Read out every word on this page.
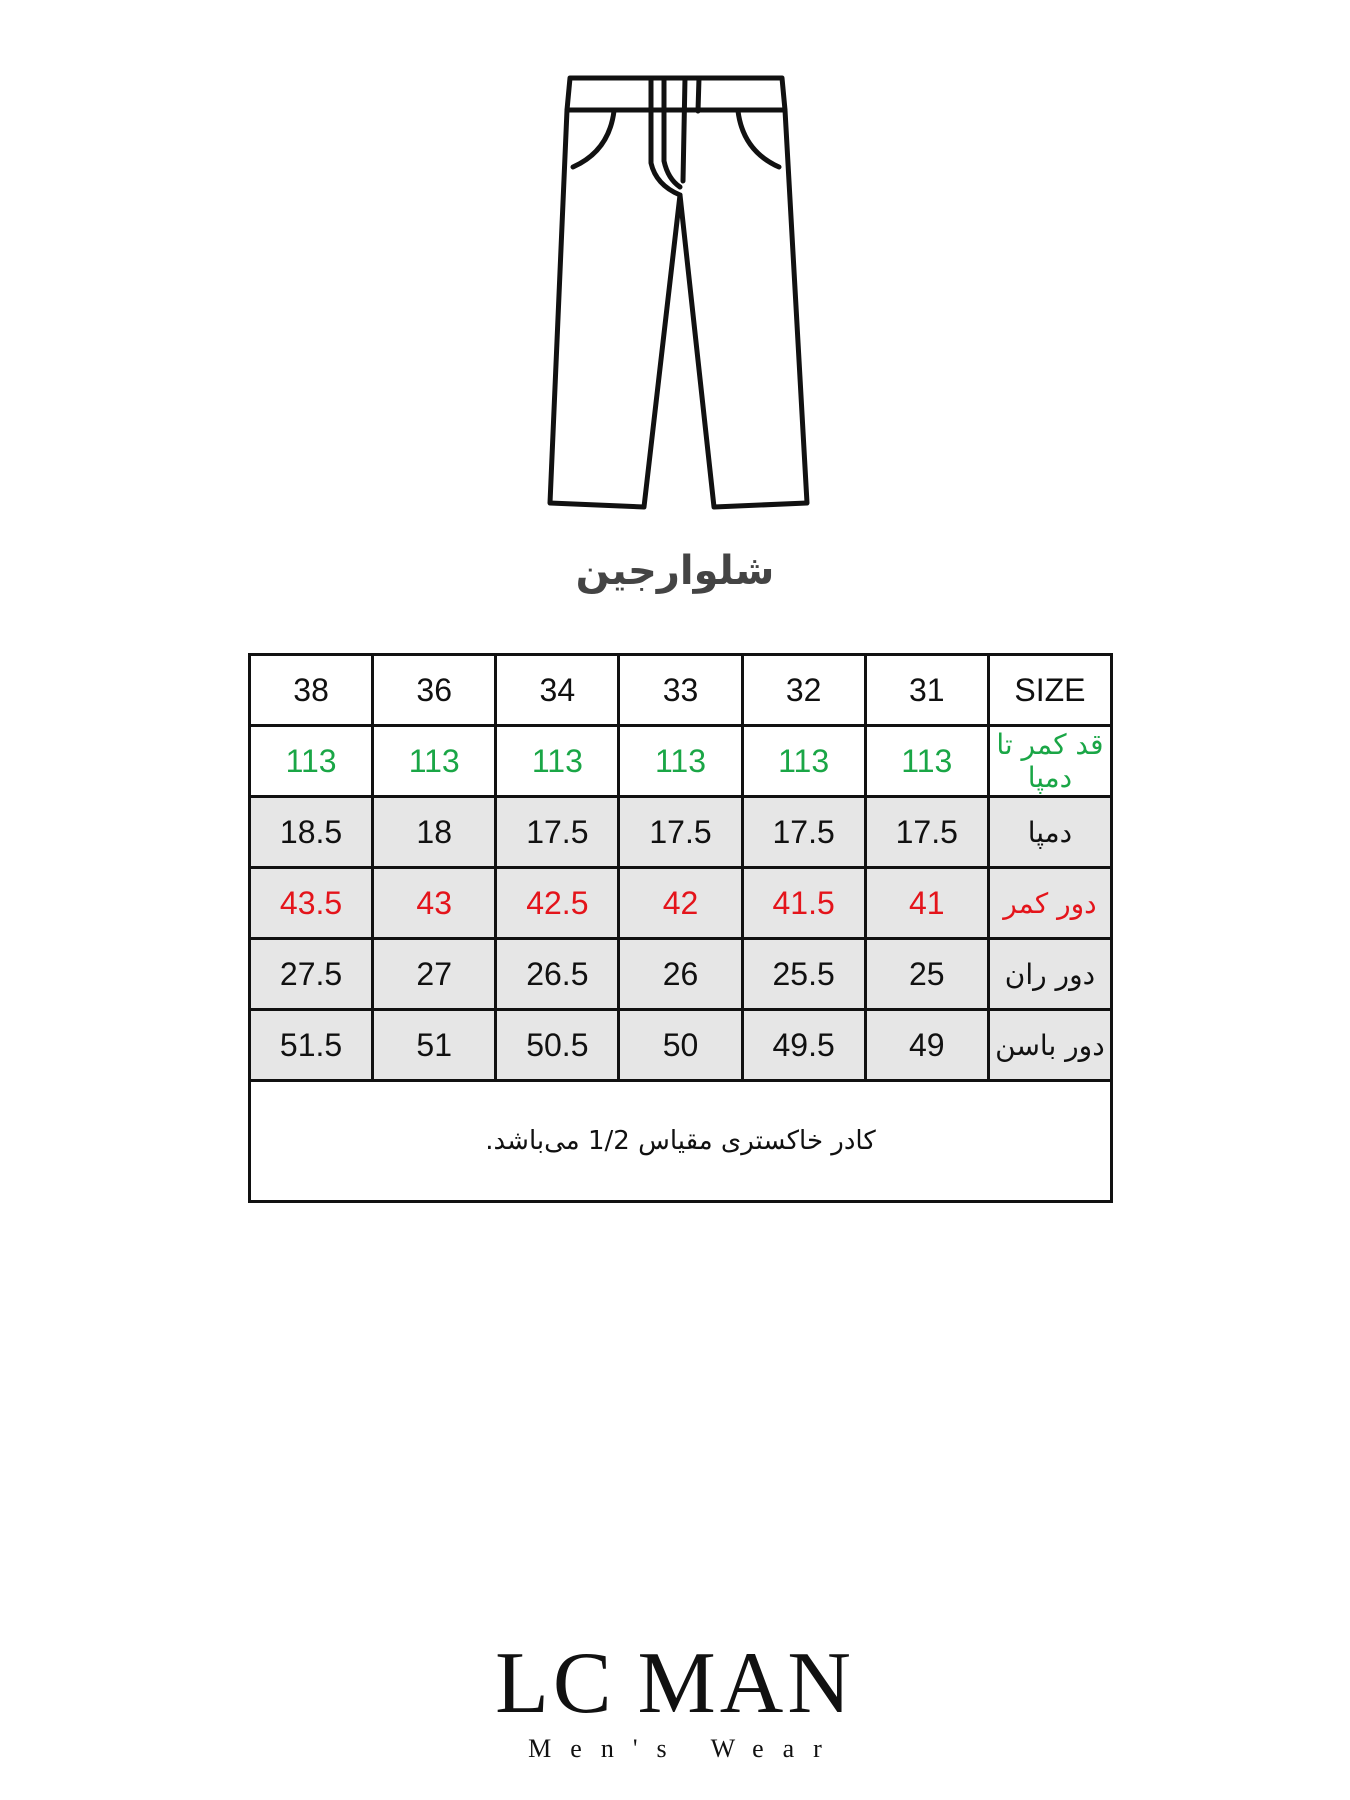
شلوارجین
38	36	34	33	32	31	SIZE
113	113	113	113	113	113	قد کمر تا دمپا
18.5	18	17.5	17.5	17.5	17.5	دمپا
43.5	43	42.5	42	41.5	41	دور کمر
27.5	27	26.5	26	25.5	25	دور ران
51.5	51	50.5	50	49.5	49	دور باسن
کادر خاکستری مقیاس 1/2 می‌باشد.						
LC MAN
Men's Wear
